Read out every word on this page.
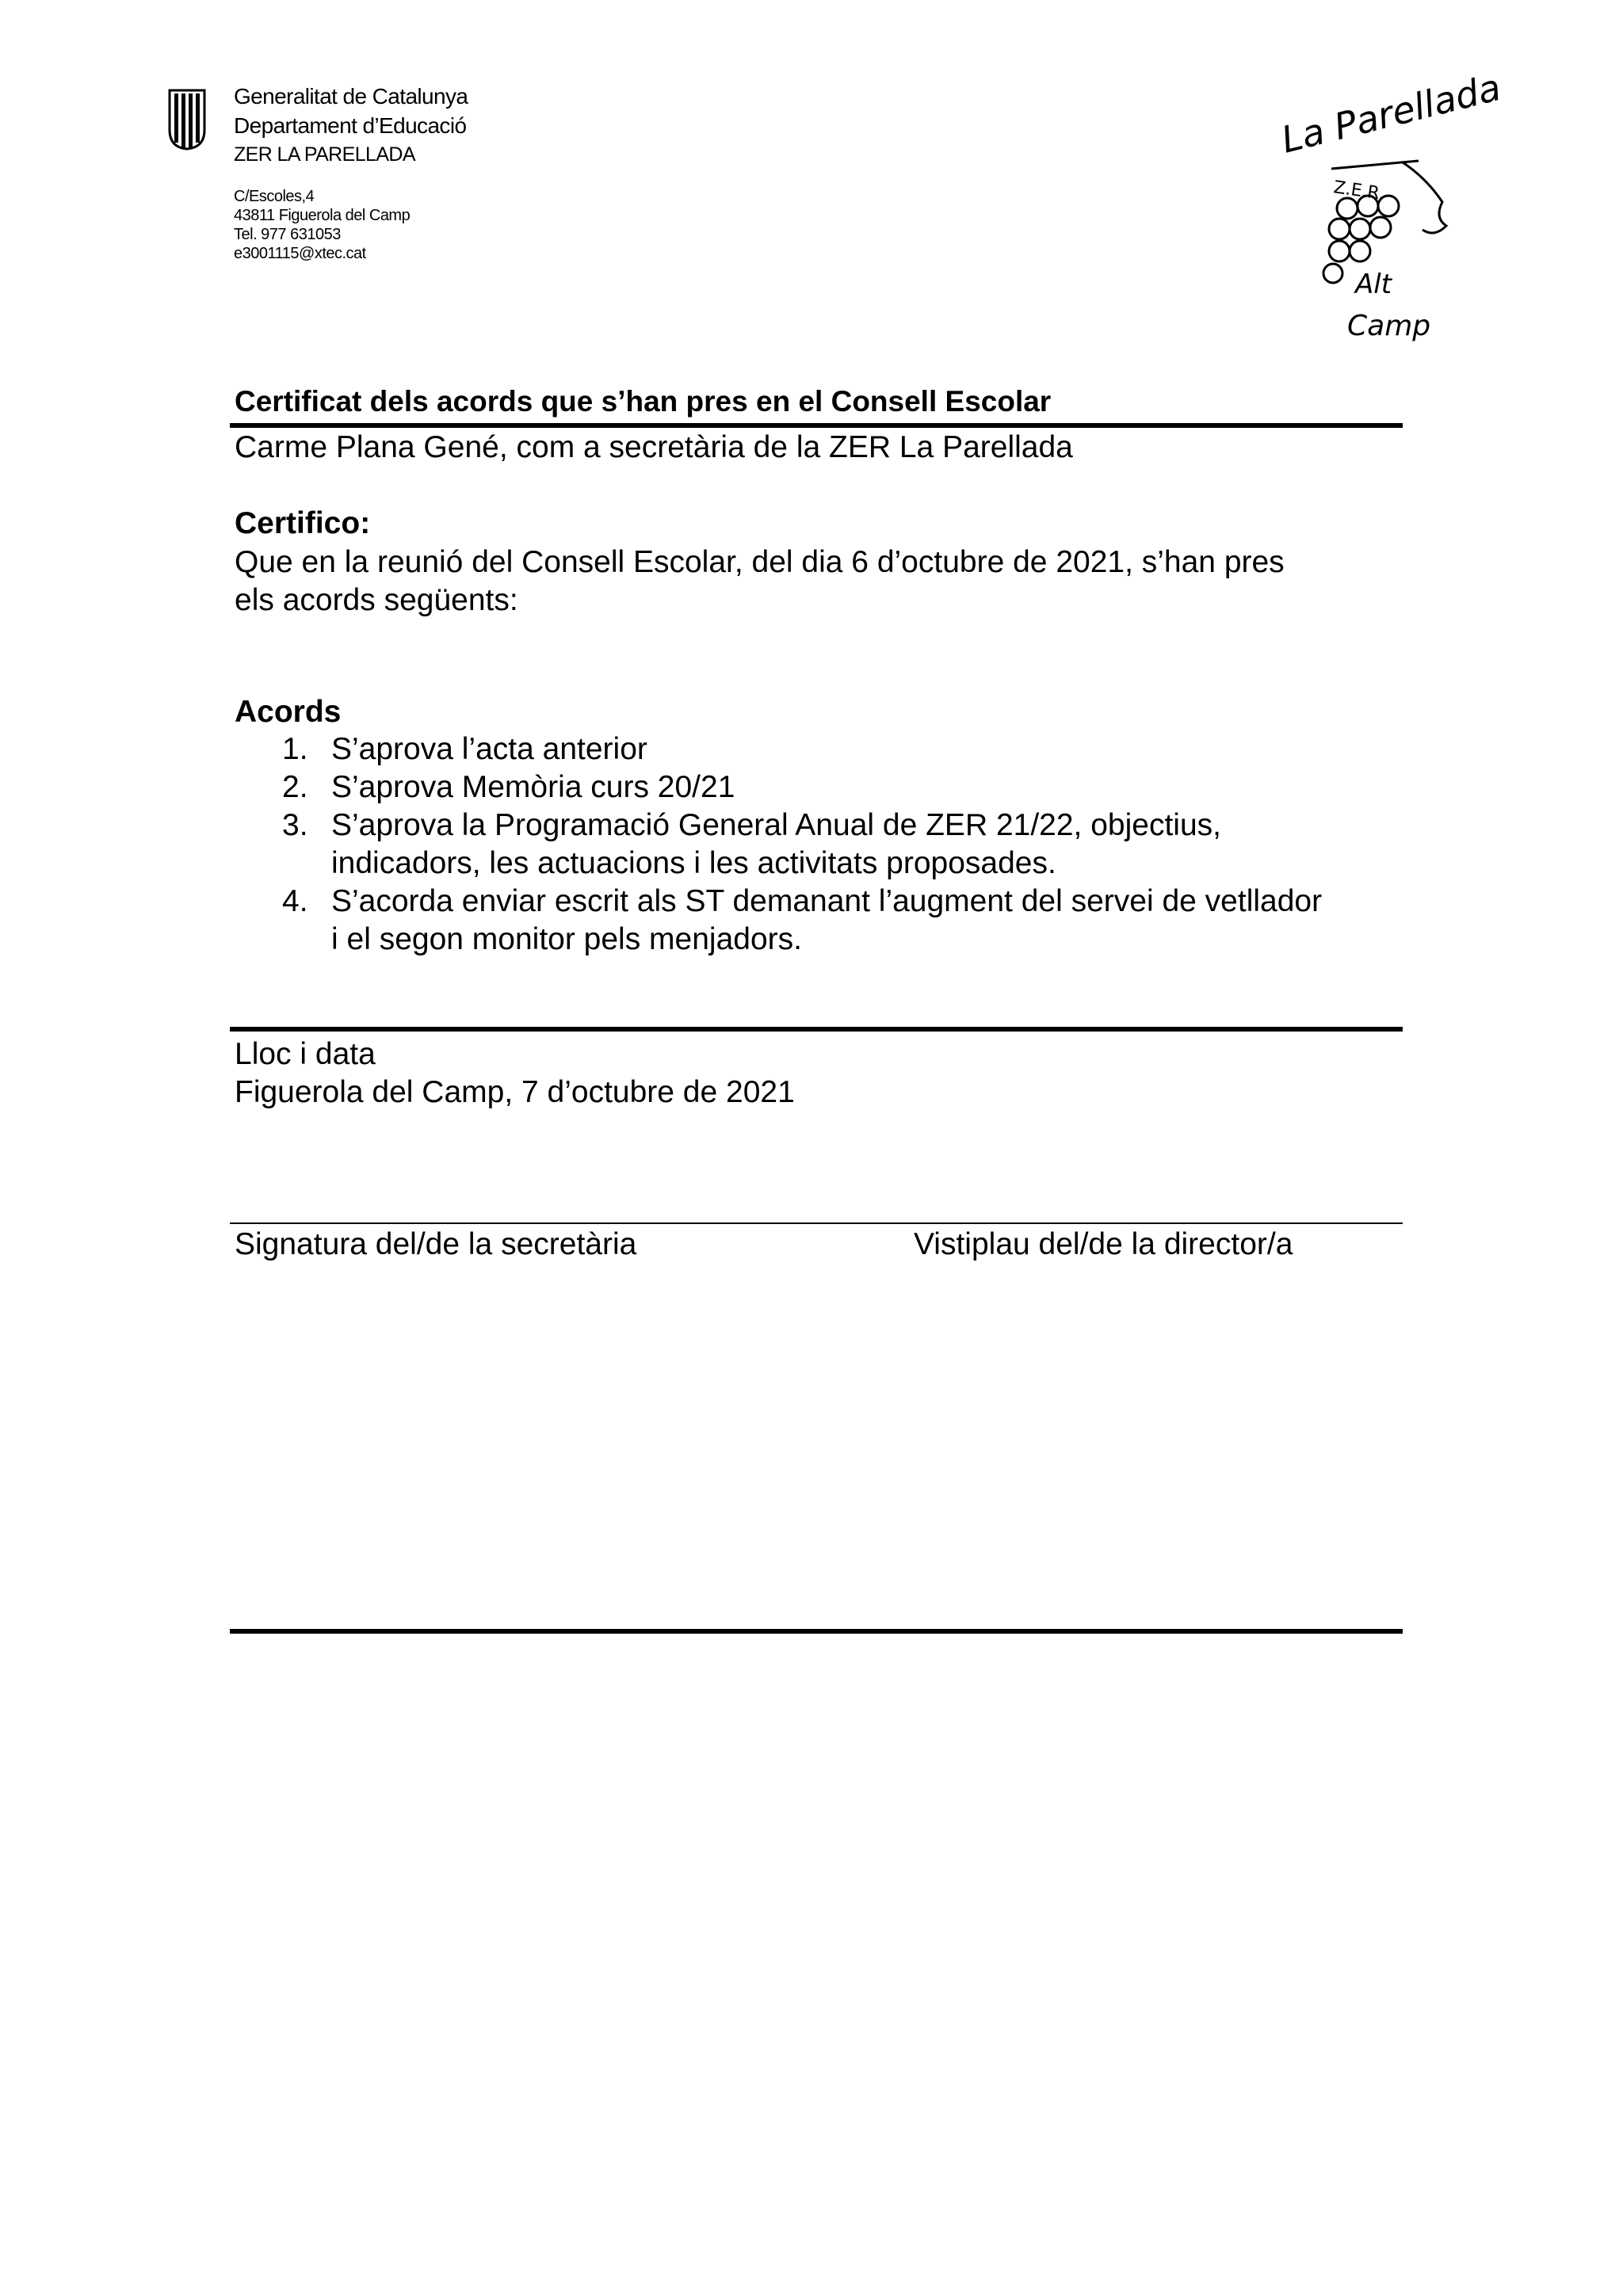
Generalitat de Catalunya
Departament d’Educació
ZER LA PARELLADA
C/Escoles,4
43811 Figuerola del Camp
Tel. 977 631053
e3001115@xtec.cat
La Parellada
Z.E.R.
Alt
Camp
Certificat dels acords que s’han pres en el Consell Escolar
Carme Plana Gené, com a secretària de la ZER La Parellada
Certifico:
Que en la reunió del Consell Escolar, del dia 6 d’octubre de 2021, s’han pres
els acords següents:
Acords
1. S’aprova l’acta anterior
2. S’aprova Memòria curs 20/21
3. S’aprova la Programació General Anual de ZER 21/22, objectius,
indicadors, les actuacions i les activitats proposades.
4. S’acorda enviar escrit als ST demanant l’augment del servei de vetllador
i el segon monitor pels menjadors.
Lloc i data
Figuerola del Camp, 7 d’octubre de 2021
Signatura del/de la secretària	Vistiplau del/de la director/a
